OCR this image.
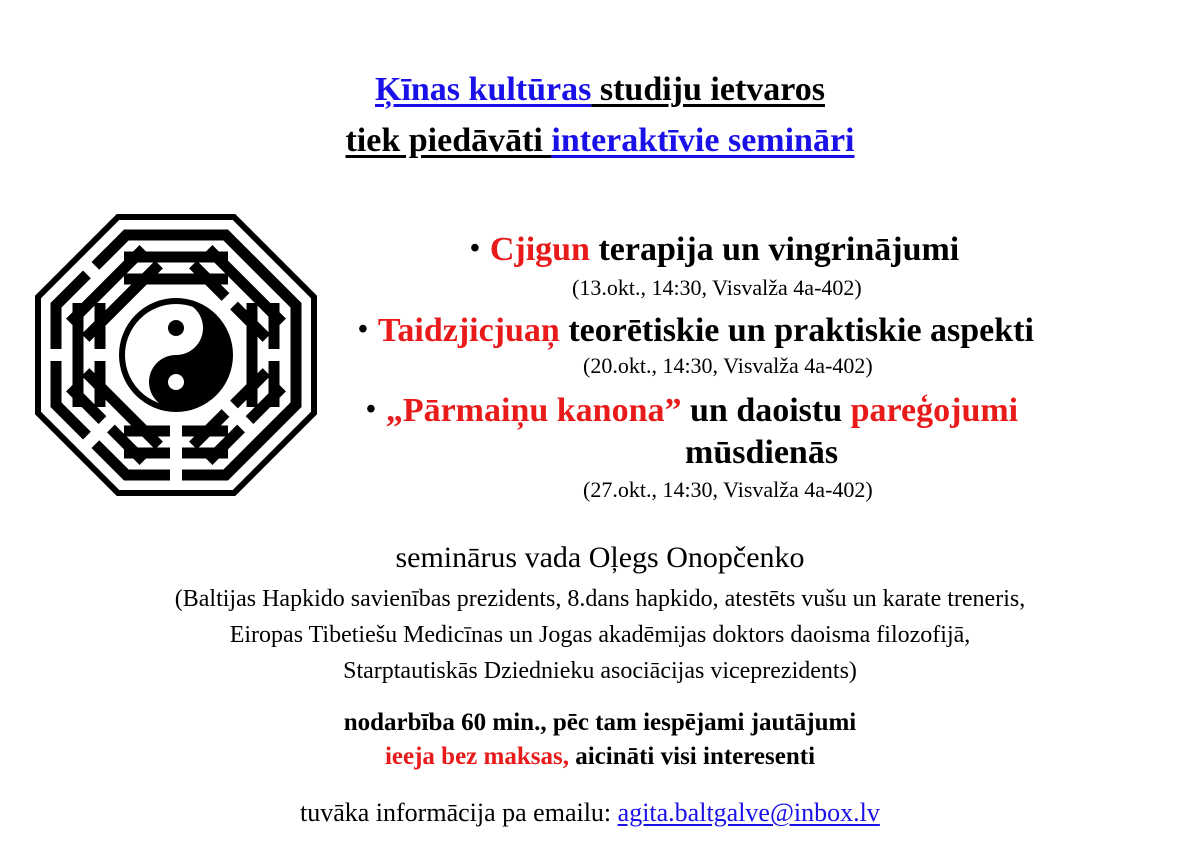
Ķīnas kultūras studiju ietvaros
tiek piedāvāti interaktīvie semināri
• Cjigun terapija un vingrinājumi
(13.okt., 14:30, Visvalža 4a-402)
• Taidzjicjuaņ teorētiskie un praktiskie aspekti
(20.okt., 14:30, Visvalža 4a-402)
• „Pārmaiņu kanona” un daoistu pareģojumi
mūsdienās
(27.okt., 14:30, Visvalža 4a-402)
seminārus vada Oļegs Onopčenko
(Baltijas Hapkido savienības prezidents, 8.dans hapkido, atestēts vušu un karate treneris,
Eiropas Tibetiešu Medicīnas un Jogas akadēmijas doktors daoisma filozofijā,
Starptautiskās Dziednieku asociācijas viceprezidents)
nodarbība 60 min., pēc tam iespējami jautājumi
ieeja bez maksas, aicināti visi interesenti
tuvāka informācija pa emailu: agita.baltgalve@inbox.lv
